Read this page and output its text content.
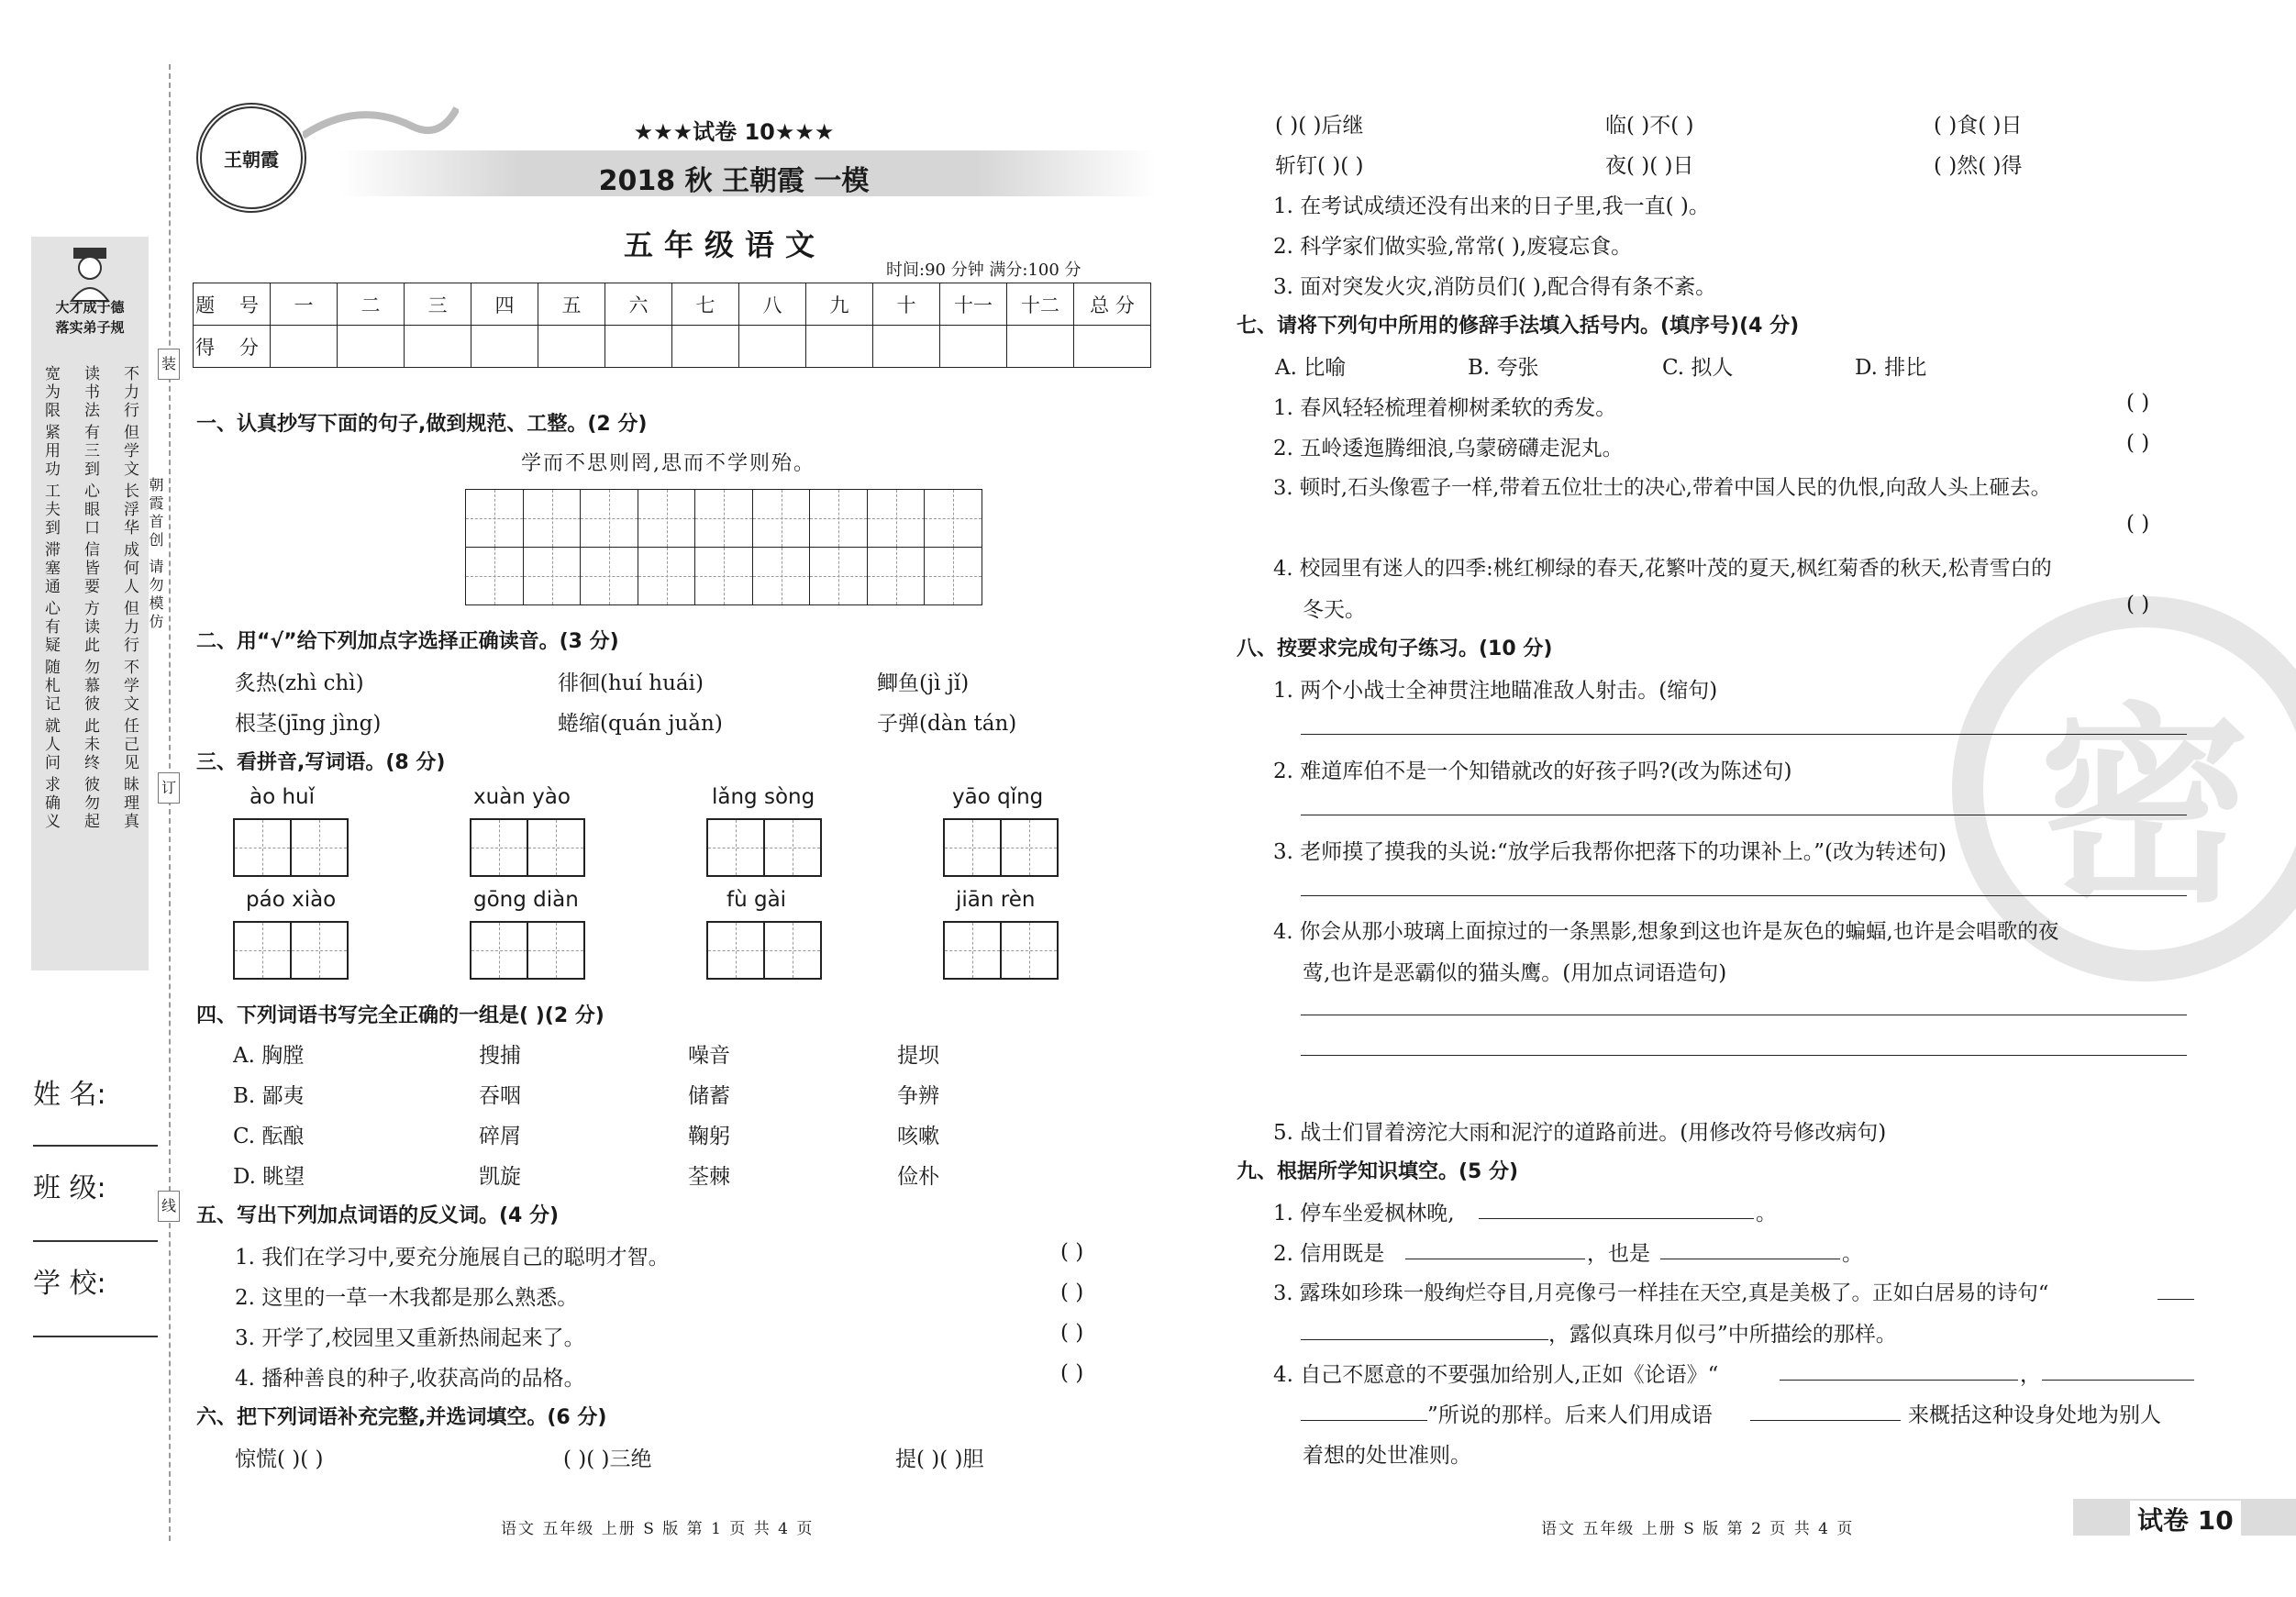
装
订
线
大才成于德
落实弟子规
宽为限
紧用功
工夫到
滞塞通
心有疑
随札记
就人问
求确义
读书法
有三到
心眼口
信皆要
方读此
勿慕彼
此未终
彼勿起
不力行
但学文
长浮华
成何人
但力行
不学文
任己见
昧理真
朝霞首创 请勿模仿
姓 名:
班 级:
学 校:
王朝霞
★★★试卷 10★★★
2018 秋 王朝霞 一模
五年级语文
时间:90 分钟 满分:100 分
题 号	一	二	三	四	五	六	七	八	九	十	十一	十二	总 分
得 分													
一、认真抄写下面的句子,做到规范、工整。(2 分)
学而不思则罔,思而不学则殆。
二、用“√”给下列加点字选择正确读音。(3 分)
炙热(zhì chì)	徘徊(huí huái)	鲫鱼(jì jǐ)
根茎(jīng jìng)	蜷缩(quán juǎn)	子弹(dàn tán)
三、看拼音,写词语。(8 分)
ào huǐ	xuàn yào	lǎng sòng	yāo qǐng
páo xiào	gōng diàn	fù gài	jiān rèn
四、下列词语书写完全正确的一组是( )(2 分)
A. 胸膛	搜捕	噪音	提坝
B. 鄙夷	吞咽	储蓄	争辨
C. 酝酿	碎屑	鞠躬	咳嗽
D. 眺望	凯旋	荃棘	俭朴
五、写出下列加点词语的反义词。(4 分)
1. 我们在学习中,要充分施展自己的聪明才智。	( )
2. 这里的一草一木我都是那么熟悉。	( )
3. 开学了,校园里又重新热闹起来了。	( )
4. 播种善良的种子,收获高尚的品格。	( )
六、把下列词语补充完整,并选词填空。(6 分)
惊慌( )( )	( )( )三绝	提( )( )胆
语文 五年级 上册 S 版 第 1 页 共 4 页
密
( )( )后继	临( )不( )	( )食( )日
斩钉( )( )	夜( )( )日	( )然( )得
1. 在考试成绩还没有出来的日子里,我一直( )。
2. 科学家们做实验,常常( ),废寝忘食。
3. 面对突发火灾,消防员们( ),配合得有条不紊。
七、请将下列句中所用的修辞手法填入括号内。(填序号)(4 分)
A. 比喻	B. 夸张	C. 拟人	D. 排比
1. 春风轻轻梳理着柳树柔软的秀发。	( )
2. 五岭逶迤腾细浪,乌蒙磅礴走泥丸。	( )
3. 顿时,石头像雹子一样,带着五位壮士的决心,带着中国人民的仇恨,向敌人头上砸去。
( )
4. 校园里有迷人的四季:桃红柳绿的春天,花繁叶茂的夏天,枫红菊香的秋天,松青雪白的
冬天。	( )
八、按要求完成句子练习。(10 分)
1. 两个小战士全神贯注地瞄准敌人射击。(缩句)
2. 难道库伯不是一个知错就改的好孩子吗?(改为陈述句)
3. 老师摸了摸我的头说:“放学后我帮你把落下的功课补上。”(改为转述句)
4. 你会从那小玻璃上面掠过的一条黑影,想象到这也许是灰色的蝙蝠,也许是会唱歌的夜
莺,也许是恶霸似的猫头鹰。(用加点词语造句)
5. 战士们冒着滂沱大雨和泥泞的道路前进。(用修改符号修改病句)
九、根据所学知识填空。(5 分)
1. 停车坐爱枫林晚,	。
2. 信用既是	，也是	。
3. 露珠如珍珠一般绚烂夺目,月亮像弓一样挂在天空,真是美极了。正如白居易的诗句“
，露似真珠月似弓”中所描绘的那样。
4. 自己不愿意的不要强加给别人,正如《论语》“	，
”所说的那样。后来人们用成语	来概括这种设身处地为别人
着想的处世准则。
语文 五年级 上册 S 版 第 2 页 共 4 页	试卷 10
